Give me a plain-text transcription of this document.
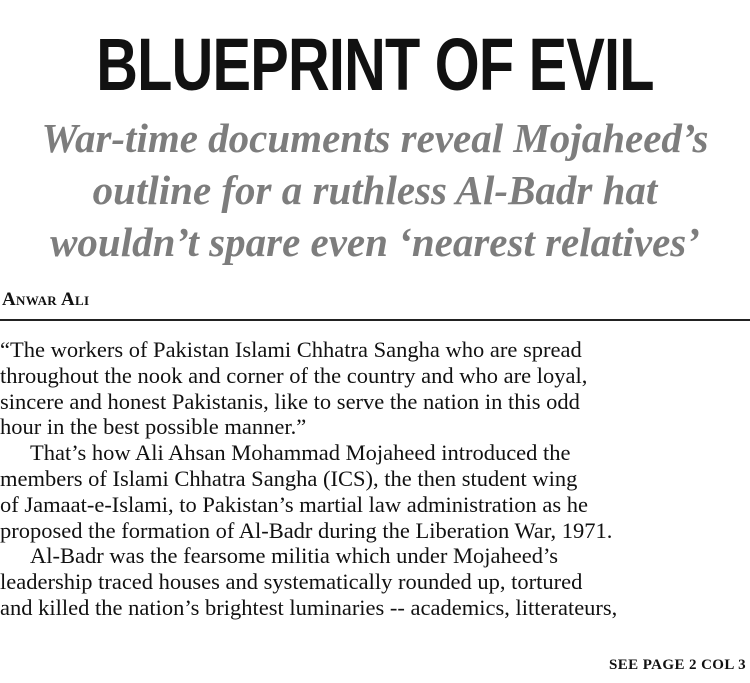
BLUEPRINT OF EVIL
War-time documents reveal Mojaheed’s
outline for a ruthless Al-Badr hat
wouldn’t spare even ‘nearest relatives’
Anwar Ali
“The workers of Pakistan Islami Chhatra Sangha who are spread
throughout the nook and corner of the country and who are loyal,
sincere and honest Pakistanis, like to serve the nation in this odd
hour in the best possible manner.”
That’s how Ali Ahsan Mohammad Mojaheed introduced the
members of Islami Chhatra Sangha (ICS), the then student wing
of Jamaat-e-Islami, to Pakistan’s martial law administration as he
proposed the formation of Al-Badr during the Liberation War, 1971.
Al-Badr was the fearsome militia which under Mojaheed’s
leadership traced houses and systematically rounded up, tortured
and killed the nation’s brightest luminaries -- academics, litterateurs,
SEE PAGE 2 COL 3
